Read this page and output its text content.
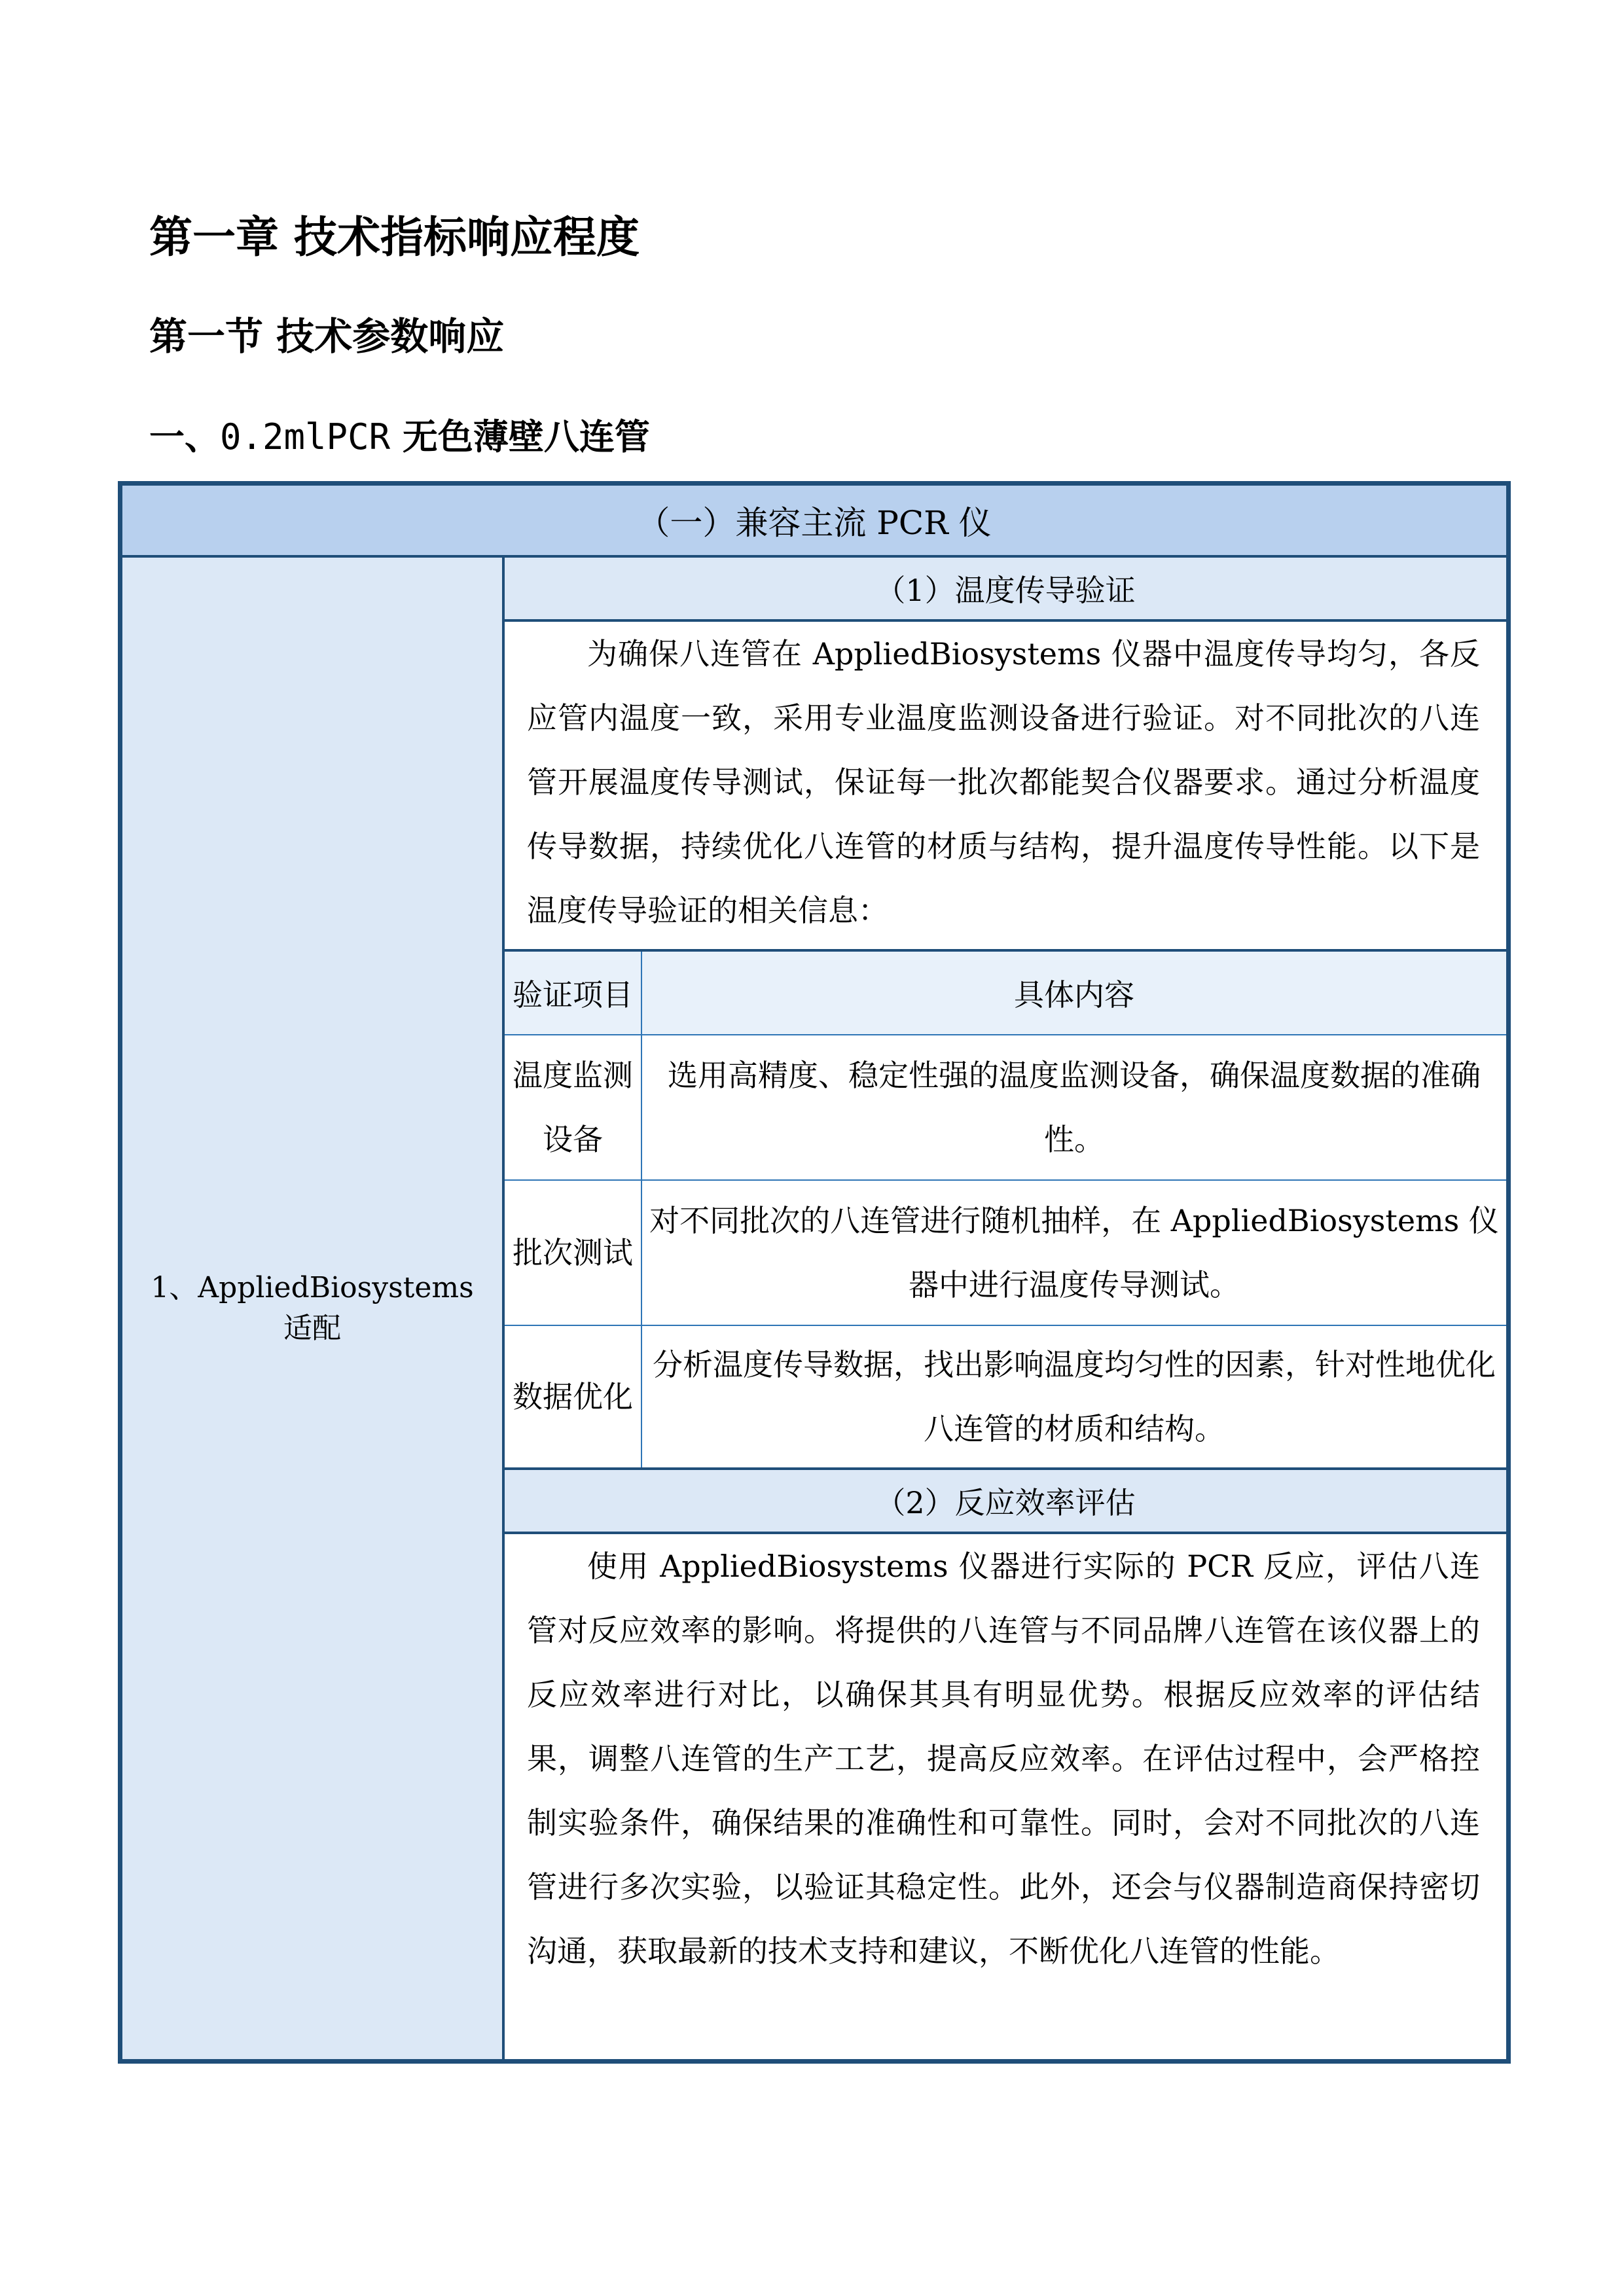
第一章 技术指标响应程度
第一节 技术参数响应
一、0.2mlPCR 无色薄壁八连管
（一）兼容主流 PCR 仪
1、AppliedBiosystems
适配
（1）温度传导验证
为确保八连管在 AppliedBiosystems 仪器中温度传导均匀，各反应管内温度一致，采用专业温度监测设备进行验证。对不同批次的八连管开展温度传导测试，保证每一批次都能契合仪器要求。通过分析温度传导数据，持续优化八连管的材质与结构，提升温度传导性能。以下是温度传导验证的相关信息：
验证项目	具体内容
温度监测设备
选用高精度、稳定性强的温度监测设备，确保温度数据的准确性。
批次测试
对不同批次的八连管进行随机抽样，在 AppliedBiosystems 仪器中进行温度传导测试。
数据优化
分析温度传导数据，找出影响温度均匀性的因素，针对性地优化八连管的材质和结构。
（2）反应效率评估
使用 AppliedBiosystems 仪器进行实际的 PCR 反应，评估八连管对反应效率的影响。将提供的八连管与不同品牌八连管在该仪器上的反应效率进行对比，以确保其具有明显优势。根据反应效率的评估结果，调整八连管的生产工艺，提高反应效率。在评估过程中，会严格控制实验条件，确保结果的准确性和可靠性。同时，会对不同批次的八连管进行多次实验，以验证其稳定性。此外，还会与仪器制造商保持密切沟通，获取最新的技术支持和建议，不断优化八连管的性能。
